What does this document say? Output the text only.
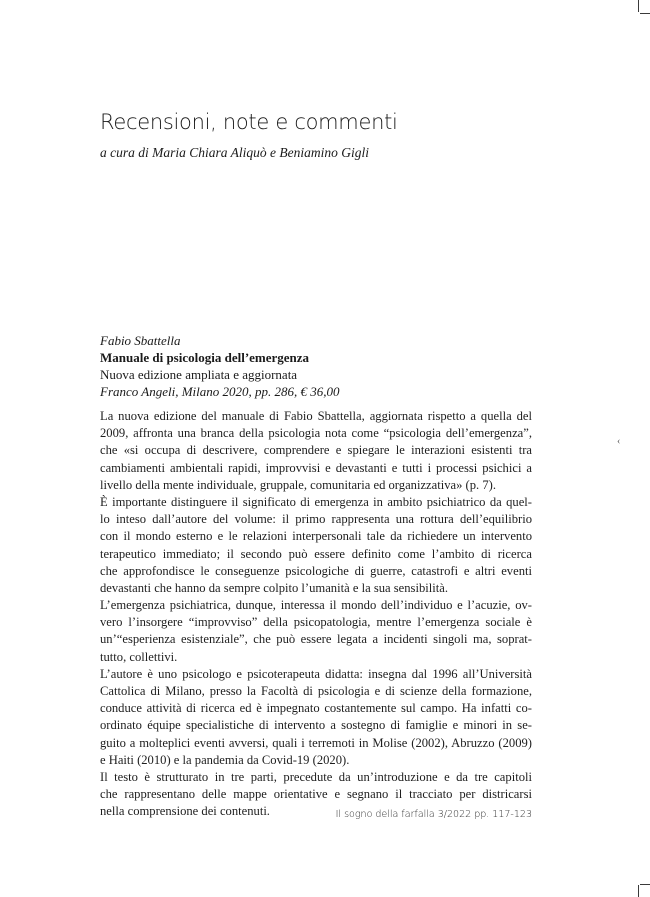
‹
Recensioni, note e commenti
a cura di Maria Chiara Aliquò e Beniamino Gigli
Fabio Sbattella
Manuale di psicologia dell’emergenza
Nuova edizione ampliata e aggiornata
Franco Angeli, Milano 2020, pp. 286, € 36,00
La nuova edizione del manuale di Fabio Sbattella, aggiornata rispetto a quella del
2009, affronta una branca della psicologia nota come “psicologia dell’emergenza”,
che «si occupa di descrivere, comprendere e spiegare le interazioni esistenti tra
cambiamenti ambientali rapidi, improvvisi e devastanti e tutti i processi psichici a
livello della mente individuale, gruppale, comunitaria ed organizzativa» (p. 7).
È importante distinguere il significato di emergenza in ambito psichiatrico da quel-
lo inteso dall’autore del volume: il primo rappresenta una rottura dell’equilibrio
con il mondo esterno e le relazioni interpersonali tale da richiedere un intervento
terapeutico immediato; il secondo può essere definito come l’ambito di ricerca
che approfondisce le conseguenze psicologiche di guerre, catastrofi e altri eventi
devastanti che hanno da sempre colpito l’umanità e la sua sensibilità.
L’emergenza psichiatrica, dunque, interessa il mondo dell’individuo e l’acuzie, ov-
vero l’insorgere “improvviso” della psicopatologia, mentre l’emergenza sociale è
un’“esperienza esistenziale”, che può essere legata a incidenti singoli ma, soprat-
tutto, collettivi.
L’autore è uno psicologo e psicoterapeuta didatta: insegna dal 1996 all’Università
Cattolica di Milano, presso la Facoltà di psicologia e di scienze della formazione,
conduce attività di ricerca ed è impegnato costantemente sul campo. Ha infatti co-
ordinato équipe specialistiche di intervento a sostegno di famiglie e minori in se-
guito a molteplici eventi avversi, quali i terremoti in Molise (2002), Abruzzo (2009)
e Haiti (2010) e la pandemia da Covid-19 (2020).
Il testo è strutturato in tre parti, precedute da un’introduzione e da tre capitoli
che rappresentano delle mappe orientative e segnano il tracciato per districarsi
nella comprensione dei contenuti.	Il sogno della farfalla 3/2022 pp. 117-123
